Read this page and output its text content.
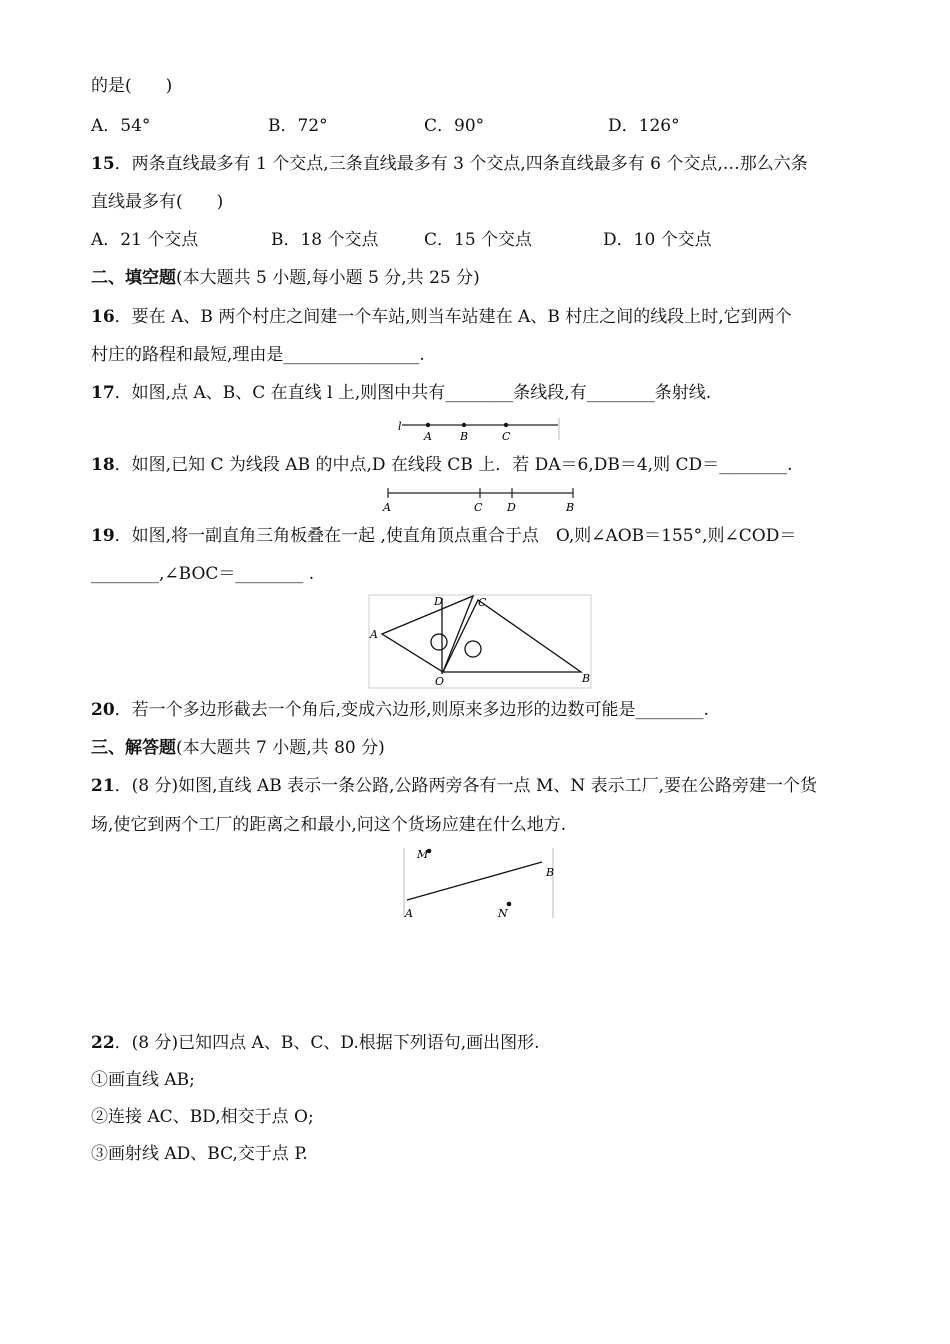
的是(　　)
A．54°	B．72°	C．90°	D．126°
15．两条直线最多有 1 个交点,三条直线最多有 3 个交点,四条直线最多有 6 个交点,…那么六条
直线最多有(　　)
A．21 个交点	B．18 个交点	C．15 个交点	D．10 个交点
二、填空题(本大题共 5 小题,每小题 5 分,共 25 分)
16．要在 A、B 两个村庄之间建一个车站,则当车站建在 A、B 村庄之间的线段上时,它到两个
村庄的路程和最短,理由是________________.
17．如图,点 A、B、C 在直线 l 上,则图中共有________条线段,有________条射线.
l
A	B	C
18．如图,已知 C 为线段 AB 的中点,D 在线段 CB 上．若 DA＝6,DB＝4,则 CD＝________.
A	C D	B
19．如图,将一副直角三角板叠在一起 ,使直角顶点重合于点　O,则∠AOB＝155°,则∠COD＝
________,∠BOC＝________ .
D	C
A
O	B
20．若一个多边形截去一个角后,变成六边形,则原来多边形的边数可能是________.
三、解答题(本大题共 7 小题,共 80 分)
21．(8 分)如图,直线 AB 表示一条公路,公路两旁各有一点 M、N 表示工厂,要在公路旁建一个货
场,使它到两个工厂的距离之和最小,问这个货场应建在什么地方.
M
N
A
B
22．(8 分)已知四点 A、B、C、D.根据下列语句,画出图形.
①画直线 AB;
②连接 AC、BD,相交于点 O;
③画射线 AD、BC,交于点 P.
